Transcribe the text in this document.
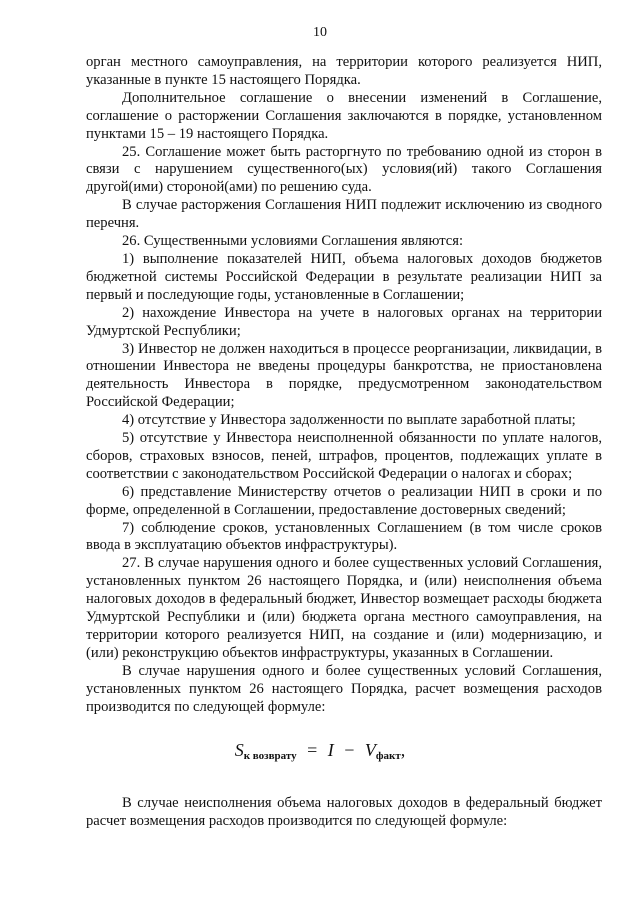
10

орган местного самоуправления, на территории которого реализуется НИП, указанные в пункте 15 настоящего Порядка.

Дополнительное соглашение о внесении изменений в Соглашение, соглашение о расторжении Соглашения заключаются в порядке, установленном пунктами 15 – 19 настоящего Порядка.

25. Соглашение может быть расторгнуто по требованию одной из сторон в связи с нарушением существенного(ых) условия(ий) такого Соглашения другой(ими) стороной(ами) по решению суда.

В случае расторжения Соглашения НИП подлежит исключению из сводного перечня.

26. Существенными условиями Соглашения являются:

1) выполнение показателей НИП, объема налоговых доходов бюджетов бюджетной системы Российской Федерации в результате реализации НИП за первый и последующие годы, установленные в Соглашении;

2) нахождение Инвестора на учете в налоговых органах на территории Удмуртской Республики;

3) Инвестор не должен находиться в процессе реорганизации, ликвидации, в отношении Инвестора не введены процедуры банкротства, не приостановлена деятельность Инвестора в порядке, предусмотренном законодательством Российской Федерации;

4) отсутствие у Инвестора задолженности по выплате заработной платы;

5) отсутствие у Инвестора неисполненной обязанности по уплате налогов, сборов, страховых взносов, пеней, штрафов, процентов, подлежащих уплате в соответствии с законодательством Российской Федерации о налогах и сборах;

6) представление Министерству отчетов о реализации НИП в сроки и по форме, определенной в Соглашении, предоставление достоверных сведений;

7) соблюдение сроков, установленных Соглашением (в том числе сроков ввода в эксплуатацию объектов инфраструктуры).

27. В случае нарушения одного и более существенных условий Соглашения, установленных пунктом 26 настоящего Порядка, и (или) неисполнения объема налоговых доходов в федеральный бюджет, Инвестор возмещает расходы бюджета Удмуртской Республики и (или) бюджета органа местного самоуправления, на территории которого реализуется НИП, на создание и (или) модернизацию, и (или) реконструкцию объектов инфраструктуры, указанных в Соглашении.

В случае нарушения одного и более существенных условий Соглашения, установленных пунктом 26 настоящего Порядка, расчет возмещения расходов производится по следующей формуле:

$S_{к возврату} = I - V_{факт}$,

В случае неисполнения объема налоговых доходов в федеральный бюджет расчет возмещения расходов производится по следующей формуле:
